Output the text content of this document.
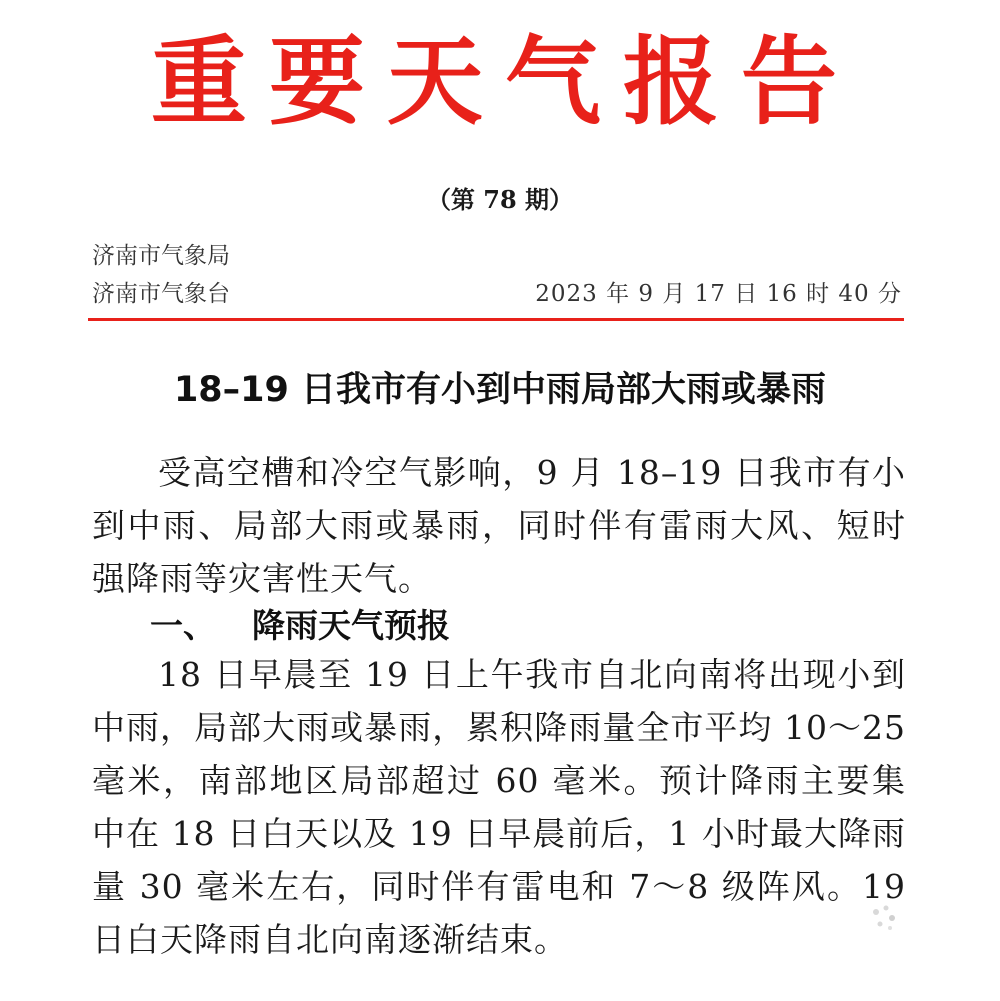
重要天气报告
（第 78 期）
济南市气象局
济南市气象台	2023 年 9 月 17 日 16 时 40 分
18–19 日我市有小到中雨局部大雨或暴雨

受高空槽和冷空气影响，9 月 18–19 日我市有小到中雨、局部大雨或暴雨，同时伴有雷雨大风、短时强降雨等灾害性天气。

一、 降雨天气预报

18 日早晨至 19 日上午我市自北向南将出现小到中雨，局部大雨或暴雨，累积降雨量全市平均 10～25 毫米，南部地区局部超过 60 毫米。预计降雨主要集中在 18 日白天以及 19 日早晨前后，1 小时最大降雨量 30 毫米左右，同时伴有雷电和 7～8 级阵风。19 日白天降雨自北向南逐渐结束。
